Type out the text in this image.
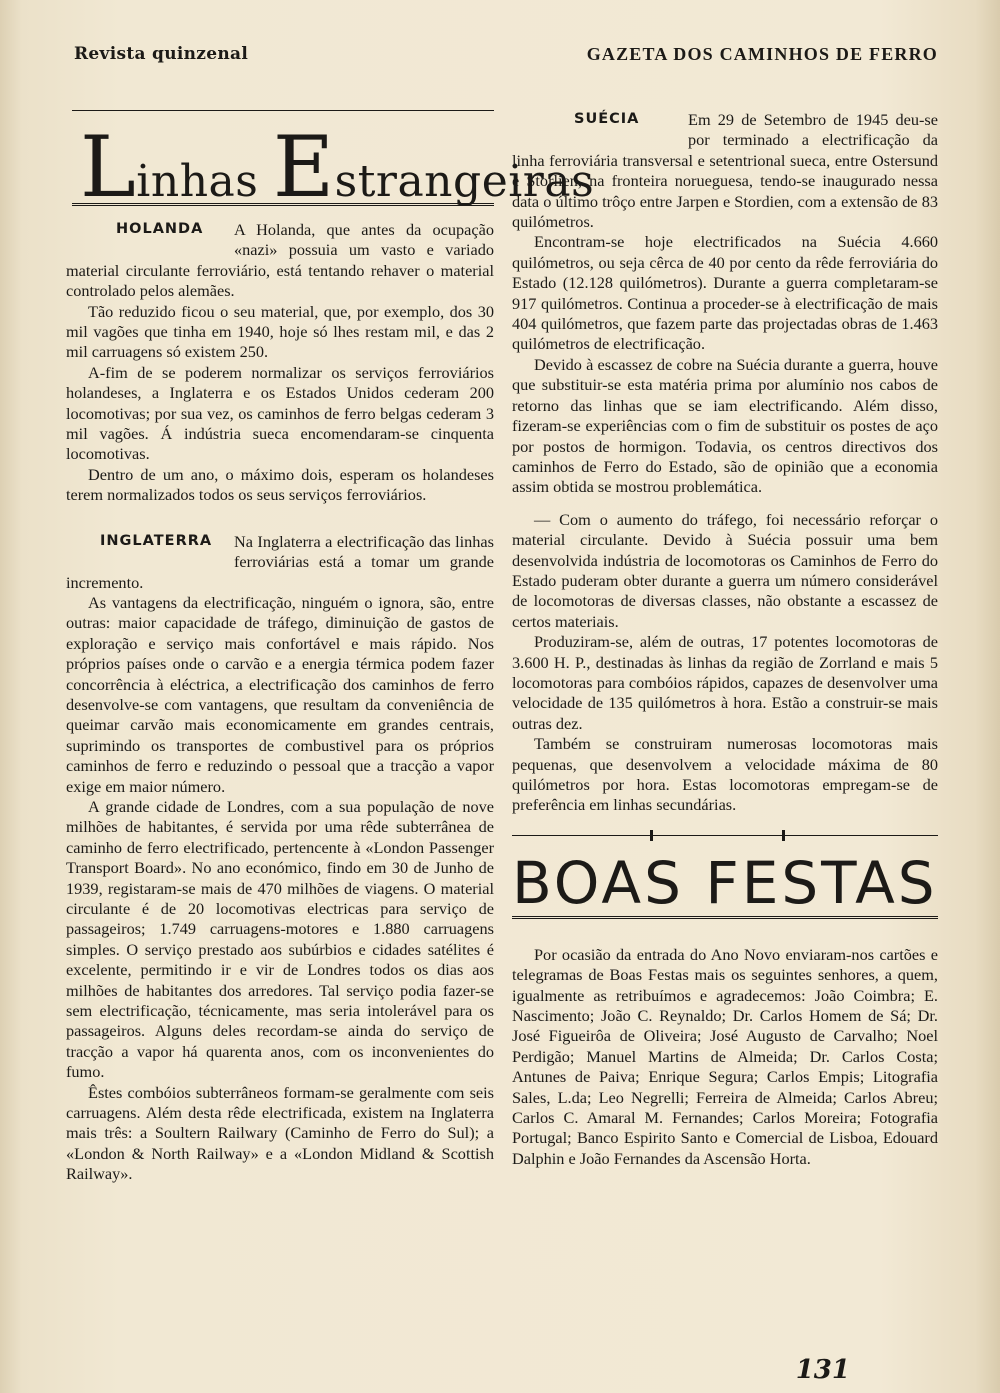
Revista quinzenal	GAZETA DOS CAMINHOS DE FERRO
Linhas Estrangeiras
HOLANDA	A Holanda, que antes da ocupação «nazi» possuia um vasto e variado material circulante ferroviário, está tentando rehaver o material controlado pelos alemães.

Tão reduzido ficou o seu material, que, por exemplo, dos 30 mil vagões que tinha em 1940, hoje só lhes restam mil, e das 2 mil carruagens só existem 250.

A-fim de se poderem normalizar os serviços ferroviários holandeses, a Inglaterra e os Estados Unidos cederam 200 locomotivas; por sua vez, os caminhos de ferro belgas cederam 3 mil vagões. Á indústria sueca encomendaram-se cinquenta locomotivas.

Dentro de um ano, o máximo dois, esperam os holandeses terem normalizados todos os seus serviços ferroviários.

INGLATERRA	Na Inglaterra a electrificação das linhas ferroviárias está a tomar um grande incremento.

As vantagens da electrificação, ninguém o ignora, são, entre outras: maior capacidade de tráfego, diminuição de gastos de exploração e serviço mais confortável e mais rápido. Nos próprios países onde o carvão e a energia térmica podem fazer concorrência à eléctrica, a electrificação dos caminhos de ferro desenvolve-se com vantagens, que resultam da conveniência de queimar carvão mais economicamente em grandes centrais, suprimindo os transportes de combustivel para os próprios caminhos de ferro e reduzindo o pessoal que a tracção a vapor exige em maior número.

A grande cidade de Londres, com a sua população de nove milhões de habitantes, é servida por uma rêde subterrânea de caminho de ferro electrificado, pertencente à «London Passenger Transport Board». No ano económico, findo em 30 de Junho de 1939, registaram-se mais de 470 milhões de viagens. O material circulante é de 20 locomotivas electricas para serviço de passageiros; 1.749 carruagens-motores e 1.880 carruagens simples. O serviço prestado aos subúrbios e cidades satélites é excelente, permitindo ir e vir de Londres todos os dias aos milhões de habitantes dos arredores. Tal serviço podia fazer-se sem electrificação, técnicamente, mas seria intolerável para os passageiros. Alguns deles recordam-se ainda do serviço de tracção a vapor há quarenta anos, com os inconvenientes do fumo.

Êstes combóios subterrâneos formam-se geralmente com seis carruagens. Além desta rêde electrificada, existem na Inglaterra mais três: a Soultern Railwary (Caminho de Ferro do Sul); a «London & North Railway» e a «London Midland & Scottish Railway».

SUÉCIA	Em 29 de Setembro de 1945 deu-se por terminado a electrificação da linha ferroviária transversal e setentrional sueca, entre Ostersund e Storlien, na fronteira norueguesa, tendo-se inaugurado nessa data o último trôço entre Jarpen e Stordien, com a extensão de 83 quilómetros.

Encontram-se hoje electrificados na Suécia 4.660 quilómetros, ou seja cêrca de 40 por cento da rêde ferroviária do Estado (12.128 quilómetros). Durante a guerra completaram-se 917 quilómetros. Continua a proceder-se à electrificação de mais 404 quilómetros, que fazem parte das projectadas obras de 1.463 quilómetros de electrificação.

Devido à escassez de cobre na Suécia durante a guerra, houve que substituir-se esta matéria prima por alumínio nos cabos de retorno das linhas que se iam electrificando. Além disso, fizeram-se experiências com o fim de substituir os postes de aço por postos de hormigon. Todavia, os centros directivos dos caminhos de Ferro do Estado, são de opinião que a economia assim obtida se mostrou problemática.

— Com o aumento do tráfego, foi necessário reforçar o material circulante. Devido à Suécia possuir uma bem desenvolvida indústria de locomotoras os Caminhos de Ferro do Estado puderam obter durante a guerra um número considerável de locomotoras de diversas classes, não obstante a escassez de certos materiais.

Produziram-se, além de outras, 17 potentes locomotoras de 3.600 H. P., destinadas às linhas da região de Zorrland e mais 5 locomotoras para combóios rápidos, capazes de desenvolver uma velocidade de 135 quilómetros à hora. Estão a construir-se mais outras dez.

Também se construiram numerosas locomotoras mais pequenas, que desenvolvem a velocidade máxima de 80 quilómetros por hora. Estas locomotoras empregam-se de preferência em linhas secundárias.

BOAS FESTAS

Por ocasião da entrada do Ano Novo enviaram-nos cartões e telegramas de Boas Festas mais os seguintes senhores, a quem, igualmente as retribuímos e agradecemos: João Coimbra; E. Nascimento; João C. Reynaldo; Dr. Carlos Homem de Sá; Dr. José Figueirôa de Oliveira; José Augusto de Carvalho; Noel Perdigão; Manuel Martins de Almeida; Dr. Carlos Costa; Antunes de Paiva; Enrique Segura; Carlos Empis; Litografia Sales, L.da; Leo Negrelli; Ferreira de Almeida; Carlos Abreu; Carlos C. Amaral M. Fernandes; Carlos Moreira; Fotografia Portugal; Banco Espirito Santo e Comercial de Lisboa, Edouard Dalphin e João Fernandes da Ascensão Horta.

131
